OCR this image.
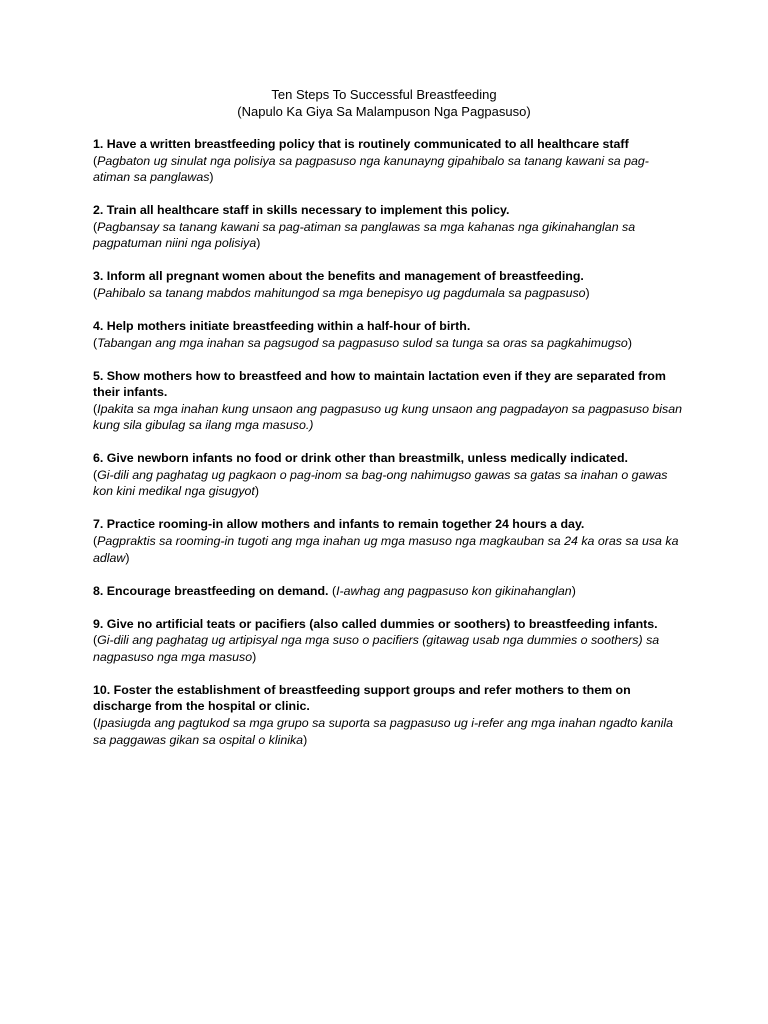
Ten Steps To Successful Breastfeeding
(Napulo Ka Giya Sa Malampuson Nga Pagpasuso)
1. Have a written breastfeeding policy that is routinely communicated to all healthcare staff
(Pagbaton ug sinulat nga polisiya sa pagpasuso nga kanunayng gipahibalo sa tanang kawani sa pag-atiman sa panglawas)
2. Train all healthcare staff in skills necessary to implement this policy.
(Pagbansay sa tanang kawani sa pag-atiman sa panglawas sa mga kahanas nga gikinahanglan sa pagpatuman niini nga polisiya)
3. Inform all pregnant women about the benefits and management of breastfeeding.
(Pahibalo sa tanang mabdos mahitungod sa mga benepisyo ug pagdumala sa pagpasuso)
4. Help mothers initiate breastfeeding within a half-hour of birth.
(Tabangan ang mga inahan sa pagsugod sa pagpasuso sulod sa tunga sa oras sa pagkahimugso)
5. Show mothers how to breastfeed and how to maintain lactation even if they are separated from their infants.
(Ipakita sa mga inahan kung unsaon ang pagpasuso ug kung unsaon ang pagpadayon sa pagpasuso bisan kung sila gibulag sa ilang mga masuso.)
6. Give newborn infants no food or drink other than breastmilk, unless medically indicated.
(Gi-dili ang paghatag ug pagkaon o pag-inom sa bag-ong nahimugso gawas sa gatas sa inahan o gawas kon kini medikal nga gisugyot)
7. Practice rooming-in allow mothers and infants to remain together 24 hours a day.
(Pagpraktis sa rooming-in tugoti ang mga inahan ug mga masuso nga magkauban sa 24 ka oras sa usa ka adlaw)
8. Encourage breastfeeding on demand. (I-awhag ang pagpasuso kon gikinahanglan)
9. Give no artificial teats or pacifiers (also called dummies or soothers) to breastfeeding infants.
(Gi-dili ang paghatag ug artipisyal nga mga suso o pacifiers (gitawag usab nga dummies o soothers) sa nagpasuso nga mga masuso)
10. Foster the establishment of breastfeeding support groups and refer mothers to them on discharge from the hospital or clinic.
(Ipasiugda ang pagtukod sa mga grupo sa suporta sa pagpasuso ug i-refer ang mga inahan ngadto kanila sa paggawas gikan sa ospital o klinika)
